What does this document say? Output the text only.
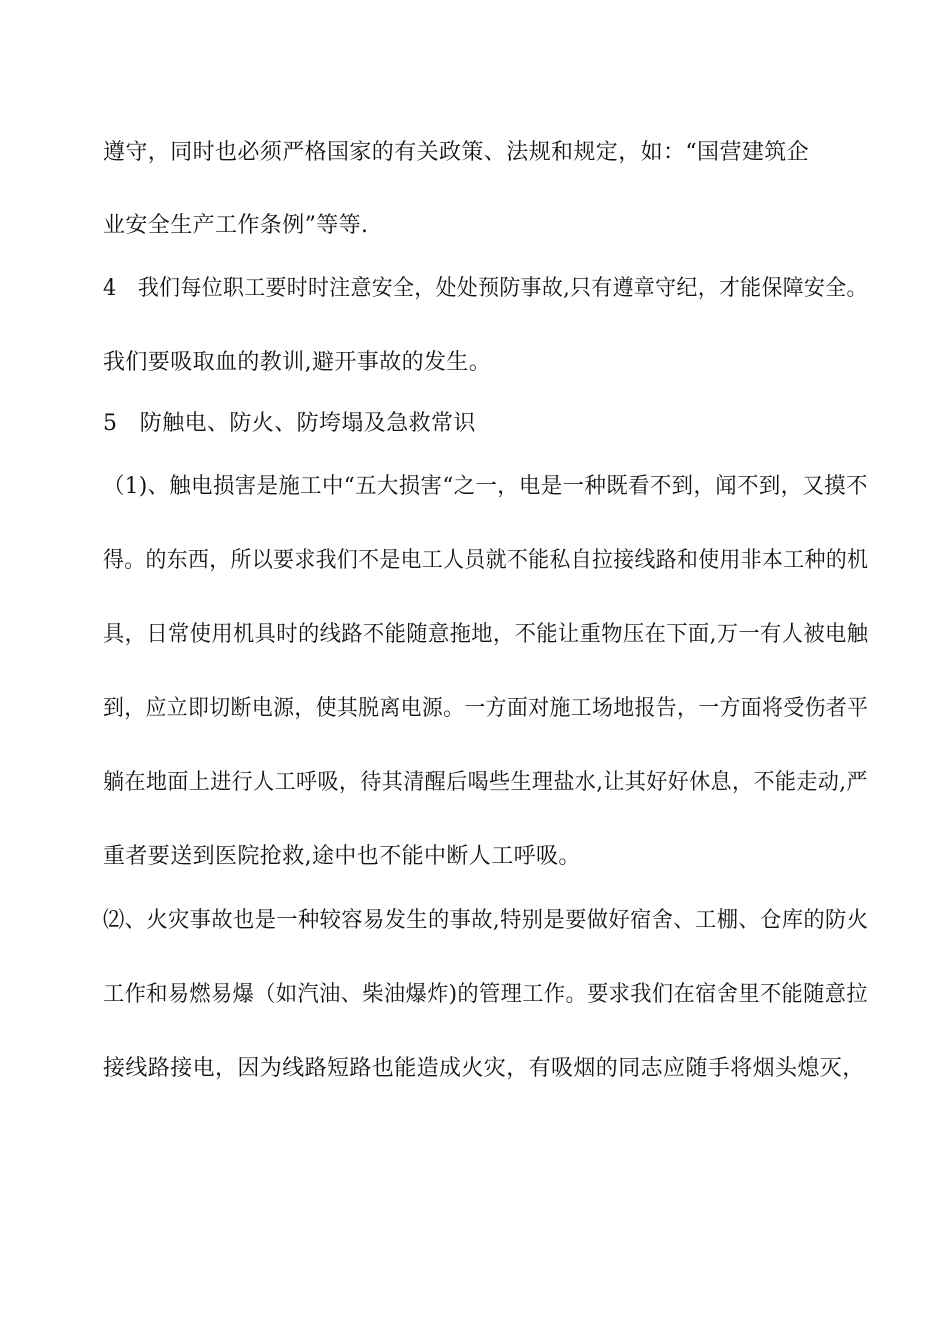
遵守，同时也必须严格国家的有关政策、法规和规定，如：“国营建筑企
业安全生产工作条例”等等.
4　我们每位职工要时时注意安全，处处预防事故,只有遵章守纪，才能保障安全。
我们要吸取血的教训,避开事故的发生。
5　防触电、防火、防垮塌及急救常识
（1)、触电损害是施工中“五大损害“之一，电是一种既看不到，闻不到，又摸不
得。的东西，所以要求我们不是电工人员就不能私自拉接线路和使用非本工种的机
具，日常使用机具时的线路不能随意拖地，不能让重物压在下面,万一有人被电触
到，应立即切断电源，使其脱离电源。一方面对施工场地报告，一方面将受伤者平
躺在地面上进行人工呼吸，待其清醒后喝些生理盐水,让其好好休息，不能走动,严
重者要送到医院抢救,途中也不能中断人工呼吸。
⑵、火灾事故也是一种较容易发生的事故,特别是要做好宿舍、工棚、仓库的防火
工作和易燃易爆（如汽油、柴油爆炸)的管理工作。要求我们在宿舍里不能随意拉
接线路接电，因为线路短路也能造成火灾，有吸烟的同志应随手将烟头熄灭，
